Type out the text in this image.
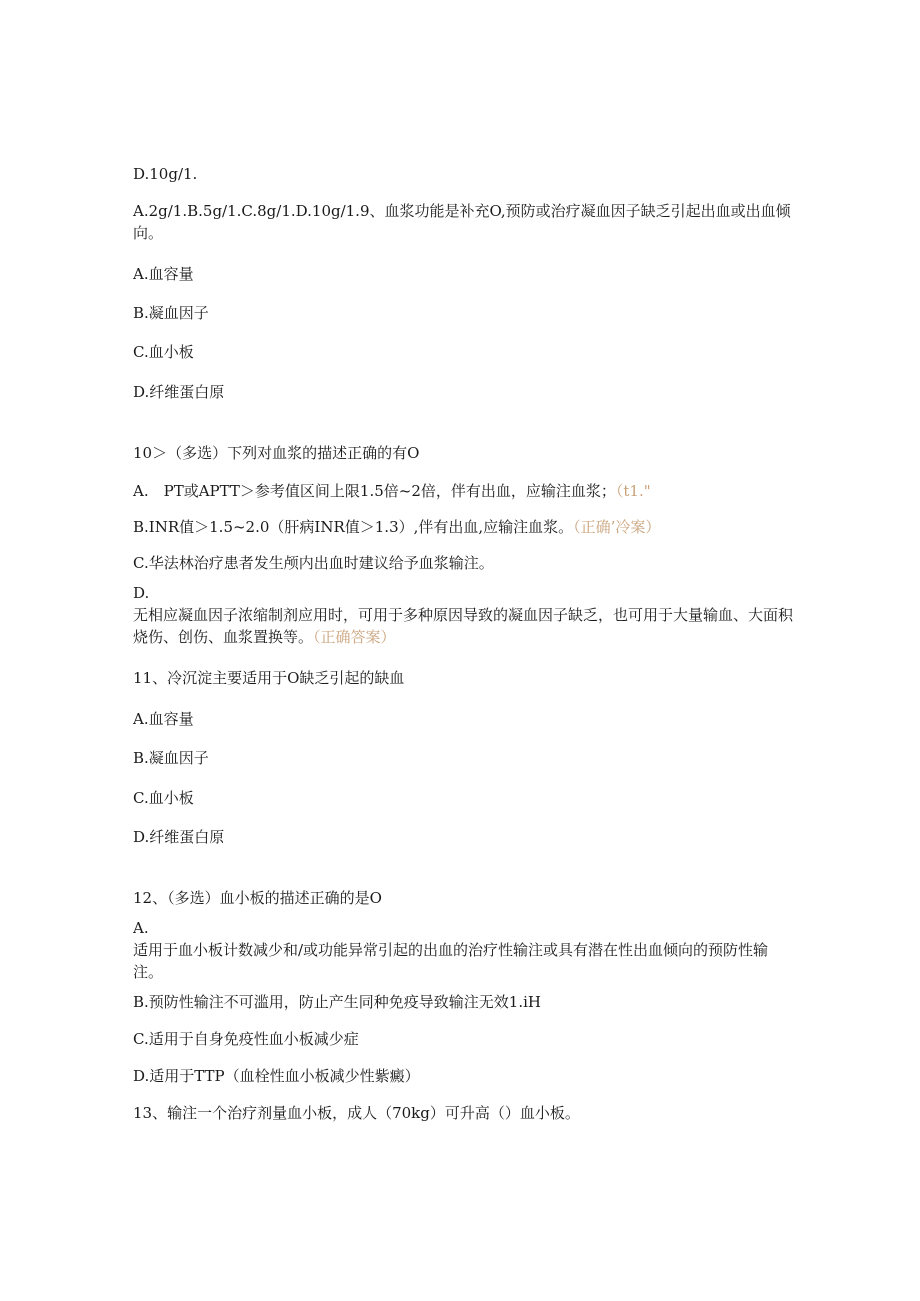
D.10g/1.
A.2g/1.B.5g/1.C.8g/1.D.10g/1.9、血浆功能是补充O,预防或治疗凝血因子缺乏引起出血或出血倾向。
A.血容量
B.凝血因子
C.血小板
D.纤维蛋白原
10＞（多选）下列对血浆的描述正确的有O
A.　PT或APTT＞参考值区间上限1.5倍~2倍，伴有出血，应输注血浆；（t1."
B.INR值＞1.5~2.0（肝病INR值＞1.3）,伴有出血,应输注血浆。（正确’冷案）
C.华法林治疗患者发生颅内出血时建议给予血浆输注。
D.
无相应凝血因子浓缩制剂应用时，可用于多种原因导致的凝血因子缺乏，也可用于大量输血、大面积烧伤、创伤、血浆置换等。（正确答案）
11、冷沉淀主要适用于O缺乏引起的缺血
A.血容量
B.凝血因子
C.血小板
D.纤维蛋白原
12、（多选）血小板的描述正确的是O
A.
适用于血小板计数减少和/或功能异常引起的出血的治疗性输注或具有潜在性出血倾向的预防性输注。
B.预防性输注不可滥用，防止产生同种免疫导致输注无效1.iH
C.适用于自身免疫性血小板减少症
D.适用于TTP（血栓性血小板减少性紫癜）
13、输注一个治疗剂量血小板，成人（70kg）可升高（）血小板。
